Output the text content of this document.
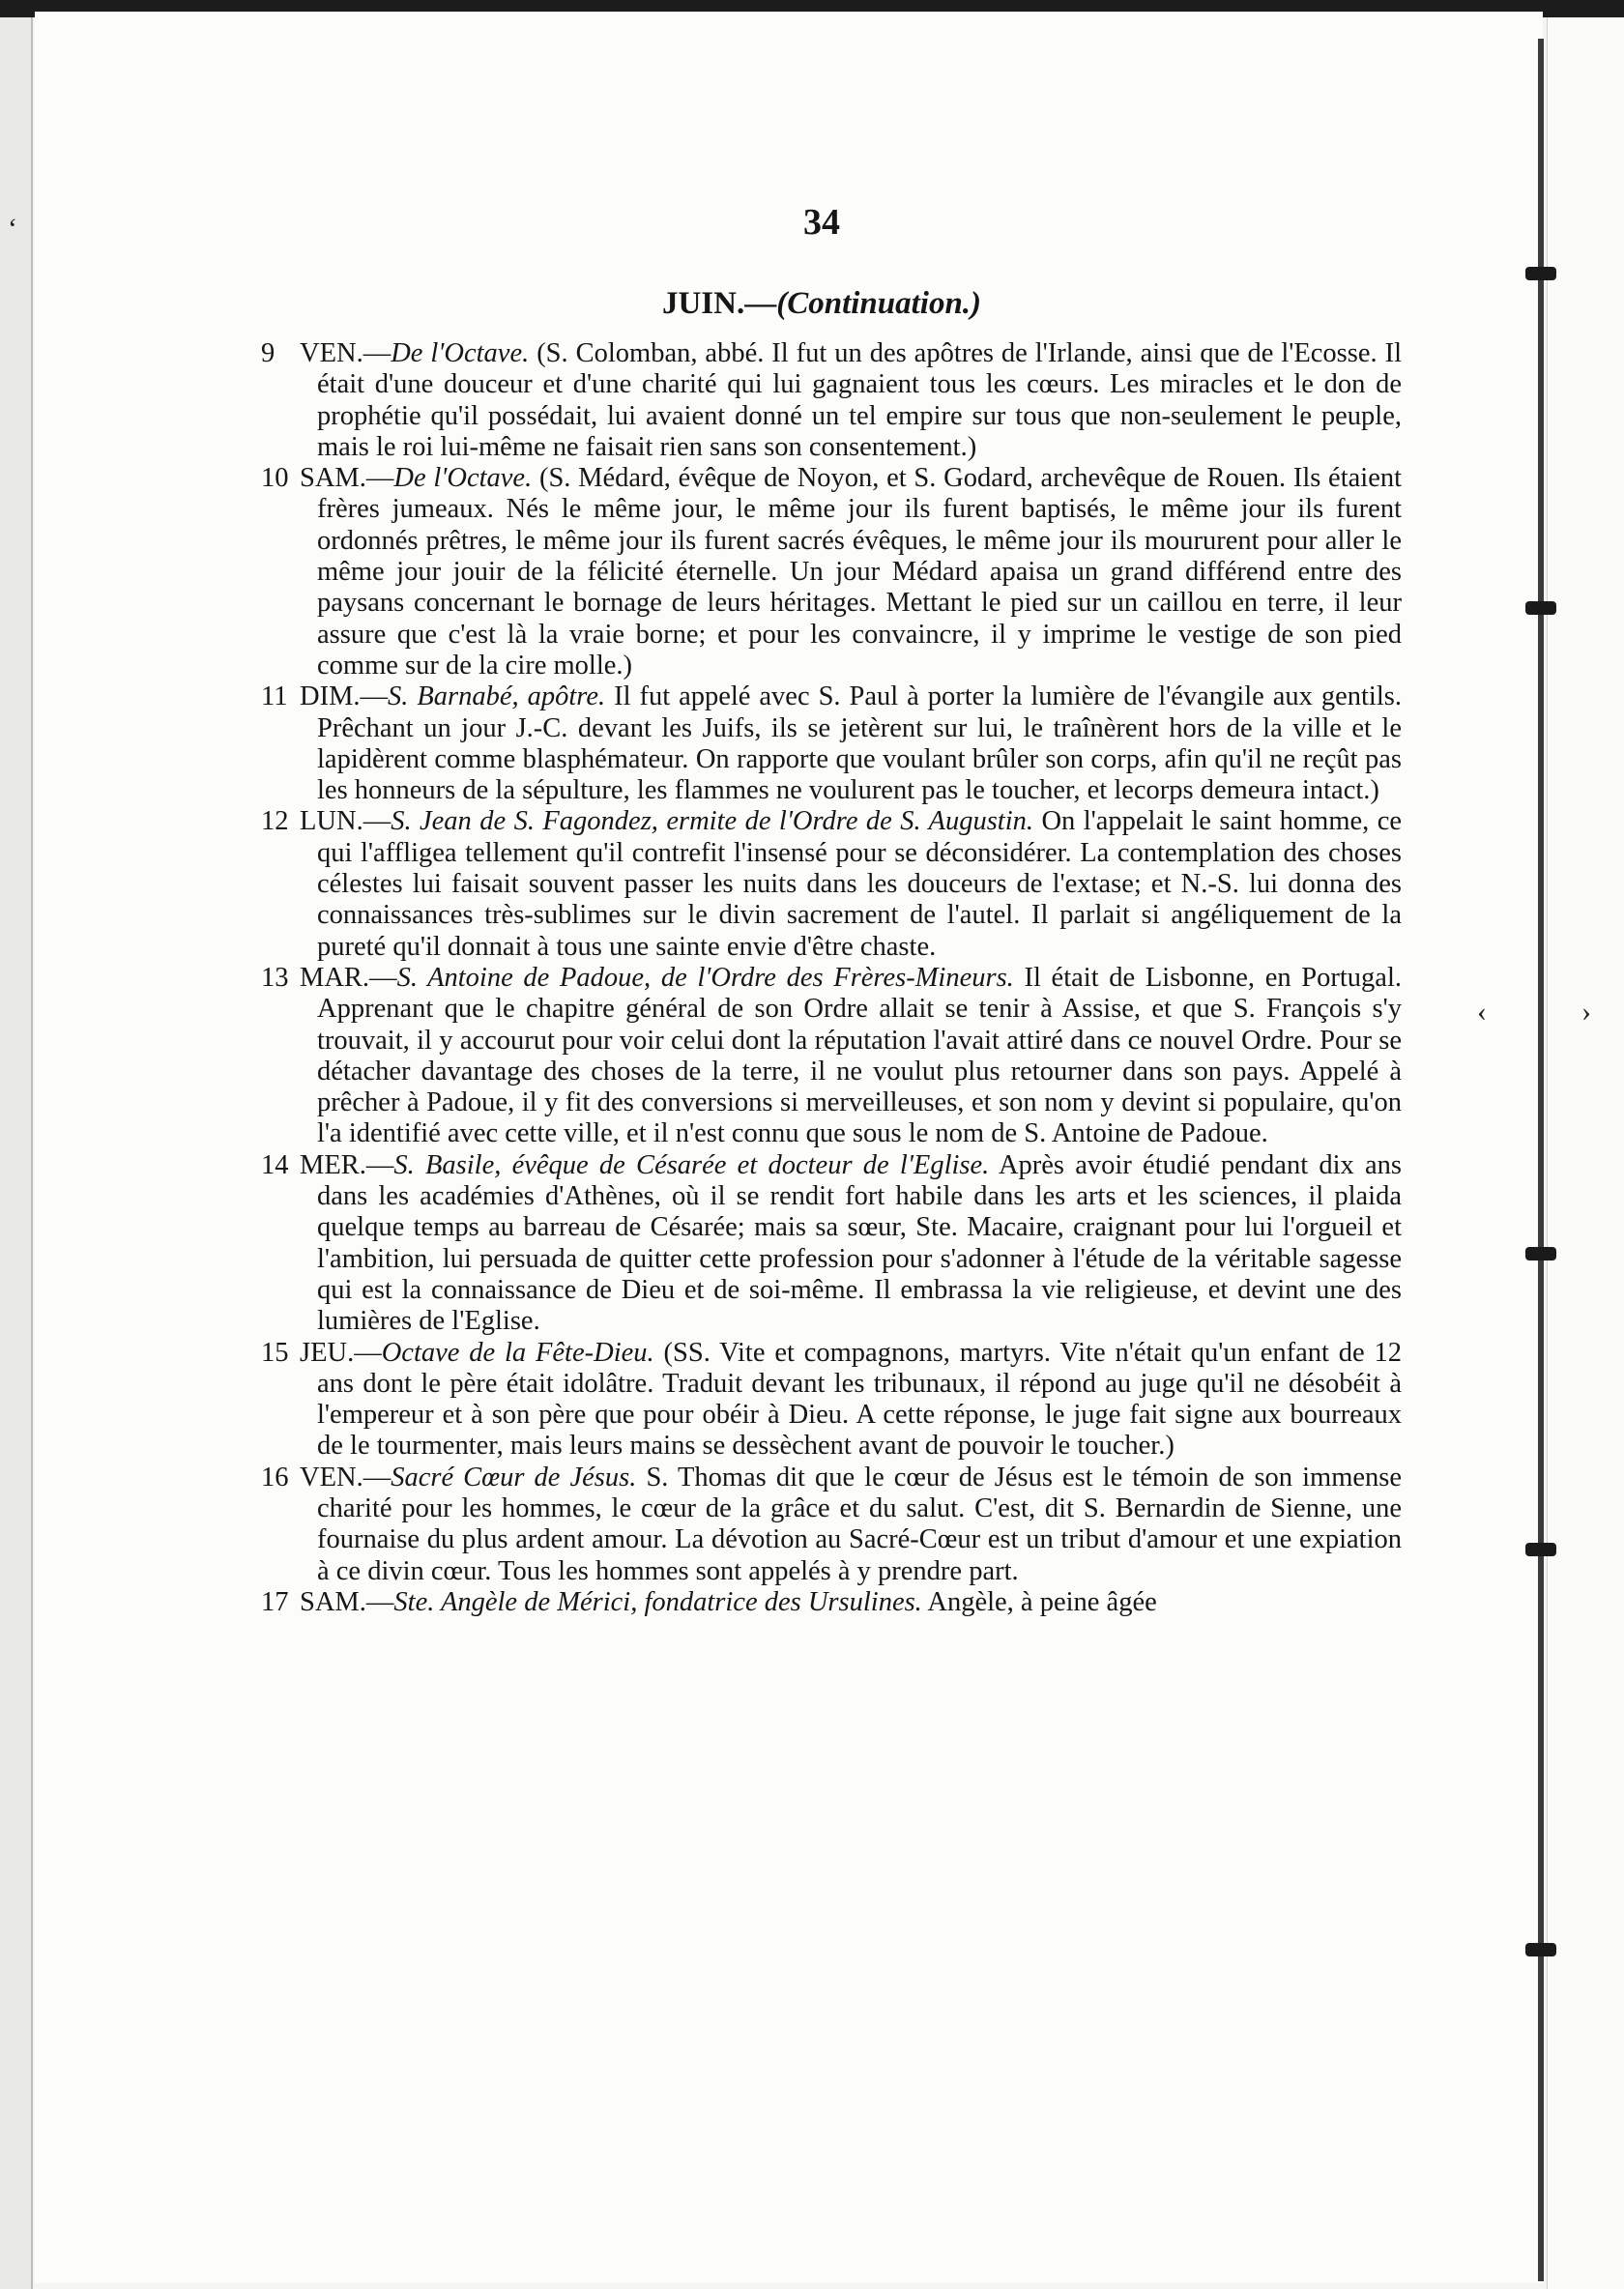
‘
‹	›
34
JUIN.—(Continuation.)

9 VEN.—De l'Octave. (S. Colomban, abbé. Il fut un des apôtres de l'Irlande, ainsi que de l'Ecosse. Il était d'une douceur et d'une charité qui lui gagnaient tous les cœurs. Les miracles et le don de prophétie qu'il possédait, lui avaient donné un tel empire sur tous que non-seulement le peuple, mais le roi lui-même ne faisait rien sans son consentement.)

10 SAM.—De l'Octave. (S. Médard, évêque de Noyon, et S. Godard, archevêque de Rouen. Ils étaient frères jumeaux. Nés le même jour, le même jour ils furent baptisés, le même jour ils furent ordonnés prêtres, le même jour ils furent sacrés évêques, le même jour ils moururent pour aller le même jour jouir de la félicité éternelle. Un jour Médard apaisa un grand différend entre des paysans concernant le bornage de leurs héritages. Mettant le pied sur un caillou en terre, il leur assure que c'est là la vraie borne; et pour les convaincre, il y imprime le vestige de son pied comme sur de la cire molle.)

11 DIM.—S. Barnabé, apôtre. Il fut appelé avec S. Paul à porter la lumière de l'évangile aux gentils. Prêchant un jour J.-C. devant les Juifs, ils se jetèrent sur lui, le traînèrent hors de la ville et le lapidèrent comme blasphémateur. On rapporte que voulant brûler son corps, afin qu'il ne reçût pas les honneurs de la sépulture, les flammes ne voulurent pas le toucher, et lecorps demeura intact.)

12 LUN.—S. Jean de S. Fagondez, ermite de l'Ordre de S. Augustin. On l'appelait le saint homme, ce qui l'affligea tellement qu'il contrefit l'insensé pour se déconsidérer. La contemplation des choses célestes lui faisait souvent passer les nuits dans les douceurs de l'extase; et N.-S. lui donna des connaissances très-sublimes sur le divin sacrement de l'autel. Il parlait si angéliquement de la pureté qu'il donnait à tous une sainte envie d'être chaste.

13 MAR.—S. Antoine de Padoue, de l'Ordre des Frères-Mineurs. Il était de Lisbonne, en Portugal. Apprenant que le chapitre général de son Ordre allait se tenir à Assise, et que S. François s'y trouvait, il y accourut pour voir celui dont la réputation l'avait attiré dans ce nouvel Ordre. Pour se détacher davantage des choses de la terre, il ne voulut plus retourner dans son pays. Appelé à prêcher à Padoue, il y fit des conversions si merveilleuses, et son nom y devint si populaire, qu'on l'a identifié avec cette ville, et il n'est connu que sous le nom de S. Antoine de Padoue.

14 MER.—S. Basile, évêque de Césarée et docteur de l'Eglise. Après avoir étudié pendant dix ans dans les académies d'Athènes, où il se rendit fort habile dans les arts et les sciences, il plaida quelque temps au barreau de Césarée; mais sa sœur, Ste. Macaire, craignant pour lui l'orgueil et l'ambition, lui persuada de quitter cette profession pour s'adonner à l'étude de la véritable sagesse qui est la connaissance de Dieu et de soi-même. Il embrassa la vie religieuse, et devint une des lumières de l'Eglise.

15 JEU.—Octave de la Fête-Dieu. (SS. Vite et compagnons, martyrs. Vite n'était qu'un enfant de 12 ans dont le père était idolâtre. Traduit devant les tribunaux, il répond au juge qu'il ne désobéit à l'empereur et à son père que pour obéir à Dieu. A cette réponse, le juge fait signe aux bourreaux de le tourmenter, mais leurs mains se dessèchent avant de pouvoir le toucher.)

16 VEN.—Sacré Cœur de Jésus. S. Thomas dit que le cœur de Jésus est le témoin de son immense charité pour les hommes, le cœur de la grâce et du salut. C'est, dit S. Bernardin de Sienne, une fournaise du plus ardent amour. La dévotion au Sacré-Cœur est un tribut d'amour et une expiation à ce divin cœur. Tous les hommes sont appelés à y prendre part.

17 SAM.—Ste. Angèle de Mérici, fondatrice des Ursulines. Angèle, à peine âgée
